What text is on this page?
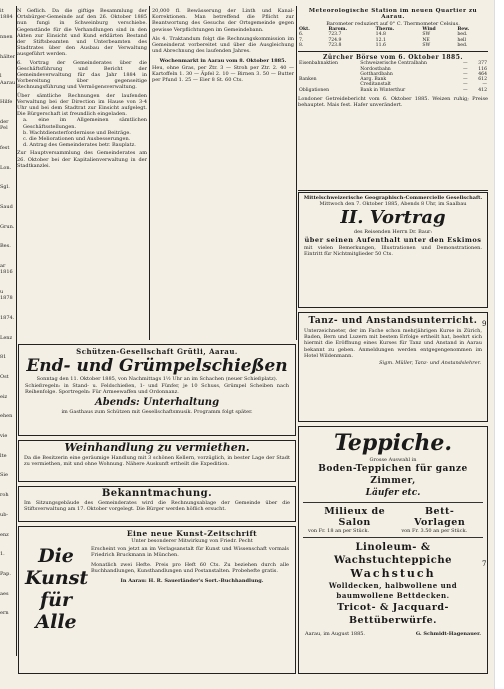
it 1884
nnen
hälter
l Aarau
Hilfe
der Pel
fest
Lon.
Sgl.
Saud
Grun.
Bes.
ar 1816
u 1878
1874.
Lenz
81
Ost
eiz
ehen
vie
lte
Sie
roh
ub-
enz
1.
Pap.
aes
ern
N Geflich. Da die giftige Besammlung der Ortsbürger-Gemeinde auf den 26. Oktober 1885 nun fungi in Schweinburg verschiebe. Gegenstände für die Verhandlungen sind in den Akten zur Einsicht und Kund erklärten Bestand der Stiftsbeamten und Unterbeamten des Stadtrates über den Ausbau der Verwaltung ausgeführt werden.
6. Vortrag der Gemeinderates über die Geschäftsführung und Bericht der Gemeindeverwaltung für das Jahr 1884 in Vorbereitung über gegenseitige Rechnungsführung und Vermögensverwaltung.
Über sämtliche Rechnungen der laufenden Verwaltung bei der Direction im Hause von 3-4 Uhr und bei dem Stadtrat zur Einsicht aufgelegt. Die Bürgerschaft ist freundlich eingeladen.
a. eine im Allgemeinen sämtlichen Geschäftsstellungen.
b. Wachtdiensterfordernisse und Beiträge.
c. die Meliorationen und Ausbesserungen.
d. Antrag des Gemeinderates betr. Bauplatz.
Zur Hauptversammlung des Gemeinderates am 26. Oktober bei der Kapitalienverwaltung in der Stadtkanzlei.
20,000 fl. Bewässerung der Linth und Kanal-Korrektionen. Man betreffend die Pflicht zur Beantwortung des Gesuchs der Ortsgemeinde gegen gewisse Verpflichtungen im Gemeindebann.
Als 4. Traktandum folgt die Rechnungskommission im Gemeinderat vorbereitet und über die Ausgleichung und Abrechnung des laufenden Jahres.
Wochenmarkt in Aarau vom 8. Oktober 1885.
Heu, ohne Gras, per Ztr. 3 — Stroh per Ztr. 2. 40 — Kartoffeln 1. 30 — Äpfel 2. 10 — Birnen 3. 50 — Butter per Pfund 1. 25 — Eier 8 St. 60 Cts.
Meteorologische Station im neuen Quartier zu Aarau.
Barometer reduziert auf 0° C. Thermometer Celsius.
Okt.	Barom.	Therm.	Wind	Bew.
6.	723.7	14.8	SW	bed.
7.	724.9	12.1	NE	hell
8.	723.8	11.6	SW	bed.
Zürcher Börse vom 6. Oktober 1885.
Eisenbahnaktien	Schweizerische Centralbahn	—	377
	Nordostbahn	—	116
	Gotthardbahn	—	464
Banken	Aarg. Bank	—	612
	Creditanstalt	—	—
Obligationen	Bank in Winterthur	—	412
Londoner Getreidebericht vom 6. Oktober 1885. Weizen ruhig; Preise behauptet. Mais fest. Hafer unverändert.
Schützen-Gesellschaft Grütli, Aarau.
End- und Grümpelschießen
Sonntag den 11. Oktober 1885, von Nachmittags 1½ Uhr an im Schachen (neuer Schießplatz).
Schießregeln: in Stand- u. Feldschießen, 1- und Fünfer, je 10 Schuss, Grümpel Scheiben nach Reihenfolge. Sportregeln: Für Armeewaffen und Ordonnanz.
Abends: Unterhaltung
im Gasthaus zum Schützen mit Gesellschaftsmusik. Programm folgt später.
Weinhandlung zu vermiethen.
Da die Besitzerin eine geräumige Handlung mit 3 schönen Kellern, vorzüglich, in bester Lage der Stadt zu vermiethen, mit und ohne Wohnung. Nähere Auskunft ertheilt die Expedition.
Bekanntmachung.
Im Sitzungsgebäude des Gemeinderates wird die Rechnungsablage der Gemeinde über die Stiftsverwaltung am 17. Oktober vorgelegt. Die Bürger werden höflich ersucht.
Eine neue Kunst-Zeitschrift
Unter besonderer Mitwirkung von Friedr. Pecht
Erscheint von jetzt an im Verlagsanstalt für Kunst und Wissenschaft vormals Friedrich Bruckmann in München.
Monatlich zwei Hefte. Preis pro Heft 60 Cts. Zu beziehen durch alle Buchhandlungen, Kunsthandlungen und Postanstalten. Probehefte gratis.
In Aarau: H. R. Sauerländer's Sort.-Buchhandlung.
Die Kunst für Alle
Mittelschweizerische Geographisch-Commercielle Gesellschaft.
Mittwoch den 7. Oktober 1885, Abends 8 Uhr, im Saalbau
II. Vortrag
des Reisenden Herrn Dr. Baur:
über seinen Aufenthalt unter den Eskimos
mit vielen Bemerkungen, Illustrationen und Demonstrationen. Eintritt für Nichtmitglieder 50 Cts.
Tanz- und Anstandsunterricht.
Unterzeichneter, der im Fache schon mehrjährigen Kurse in Zürich, Baden, Bern und Luzern mit bestem Erfolge ertheilt hat, beehrt sich hiermit die Eröffnung eines Kurses für Tanz und Anstand in Aarau bekannt zu geben. Anmeldungen werden entgegengenommen im Hotel Wildenmann.
Sigm. Müller, Tanz- und Anstandslehrer.
Teppiche.
Grosse Auswahl in
Boden-Teppichen für ganze Zimmer,
Läufer etc.
Milieux de Salon
von Fr. 18 an per Stück.
Bett-Vorlagen
von Fr. 3.50 an per Stück.
Linoleum- & Wachstuchteppiche
Wachstuch
Wolldecken, halbwollene und baumwollene Bettdecken.
Tricot- & Jacquard-Bettüberwürfe.
Aarau, im August 1885.	G. Schmidt-Hagenauer.
9
7
